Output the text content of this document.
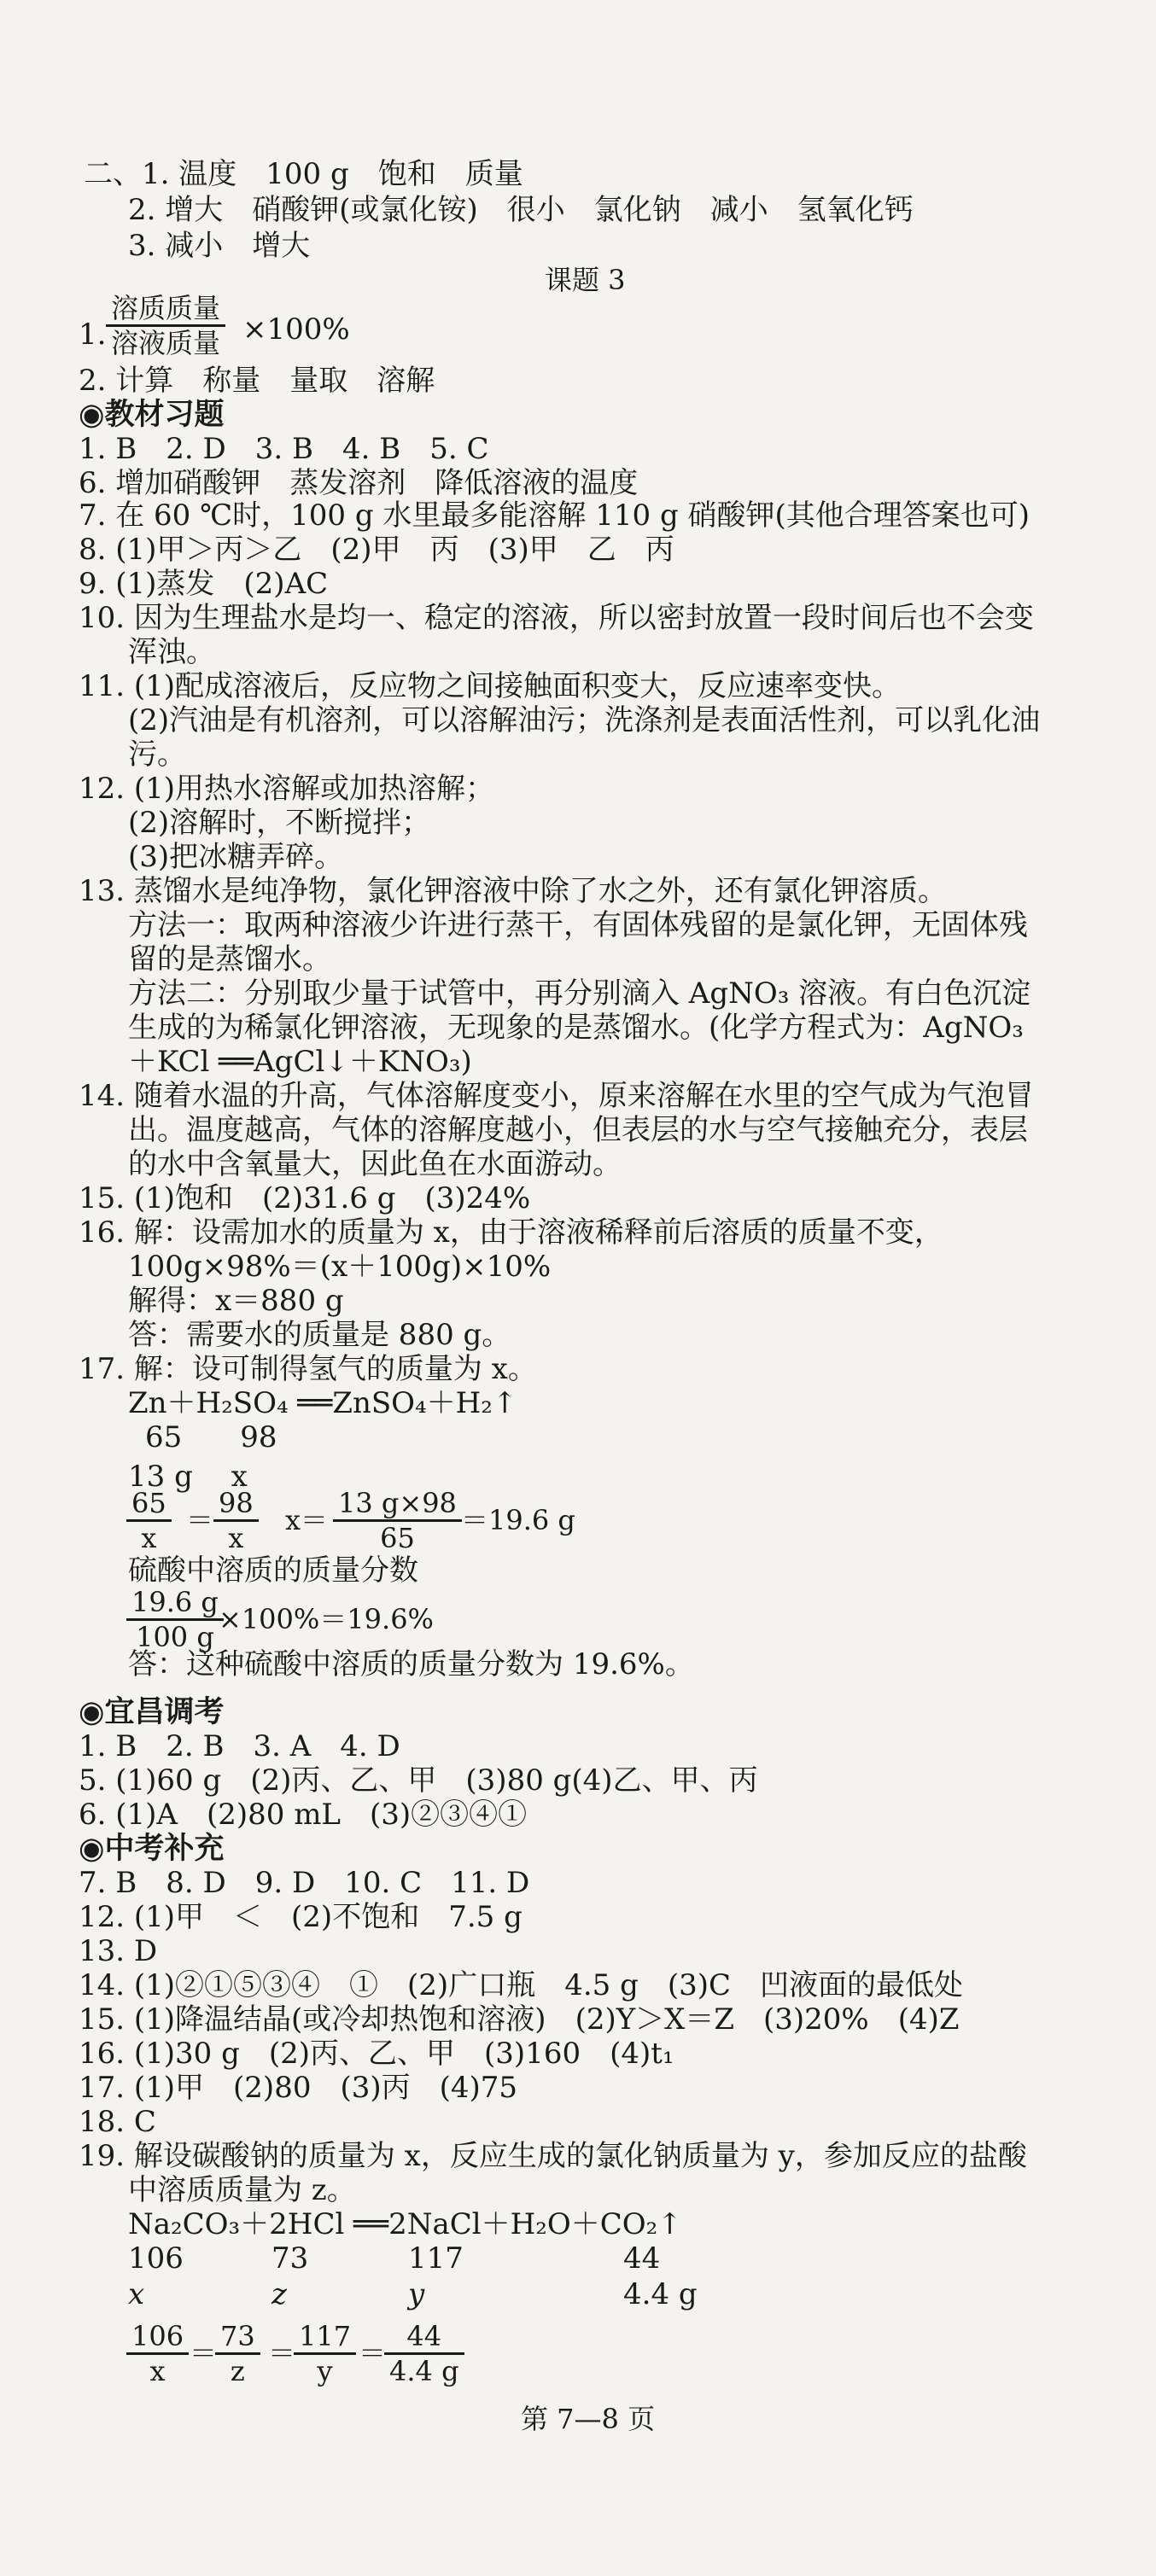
二、1. 温度　100 g　饱和　质量
2. 增大　硝酸钾(或氯化铵)　很小　氯化钠　减小　氢氧化钙
3. 减小　增大
课题 3
1.
溶质质量
溶液质量 ×100%
2. 计算　称量　量取　溶解
◉教材习题
1. B　2. D　3. B　4. B　5. C
6. 增加硝酸钾　蒸发溶剂　降低溶液的温度
7. 在 60 ℃时，100 g 水里最多能溶解 110 g 硝酸钾(其他合理答案也可)
8. (1)甲＞丙＞乙　(2)甲　丙　(3)甲　乙　丙
9. (1)蒸发　(2)AC
10. 因为生理盐水是均一、稳定的溶液，所以密封放置一段时间后也不会变
浑浊。
11. (1)配成溶液后，反应物之间接触面积变大，反应速率变快。
(2)汽油是有机溶剂，可以溶解油污；洗涤剂是表面活性剂，可以乳化油
污。
12. (1)用热水溶解或加热溶解；
(2)溶解时，不断搅拌；
(3)把冰糖弄碎。
13. 蒸馏水是纯净物，氯化钾溶液中除了水之外，还有氯化钾溶质。
方法一：取两种溶液少许进行蒸干，有固体残留的是氯化钾，无固体残
留的是蒸馏水。
方法二：分别取少量于试管中，再分别滴入 AgNO₃ 溶液。有白色沉淀
生成的为稀氯化钾溶液，无现象的是蒸馏水。(化学方程式为：AgNO₃
＋KCl ══AgCl↓＋KNO₃)
14. 随着水温的升高，气体溶解度变小，原来溶解在水里的空气成为气泡冒
出。温度越高，气体的溶解度越小，但表层的水与空气接触充分，表层
的水中含氧量大，因此鱼在水面游动。
15. (1)饱和　(2)31.6 g　(3)24%
16. 解：设需加水的质量为 x，由于溶液稀释前后溶质的质量不变，
100g×98%＝(x＋100g)×10%
解得：x＝880 g
答：需要水的质量是 880 g。
17. 解：设可制得氢气的质量为 x。
Zn＋H₂SO₄ ══ZnSO₄＋H₂↑
65　　98
13 g　 x
$\frac{65}{x} = \frac{98}{x} x= \frac{13 g\times 98}{65} =19.6$ g
硫酸中溶质的质量分数
$\frac{19.6 g}{100 g}$
×100%＝19.6%
答：这种硫酸中溶质的质量分数为 19.6%。
◉宜昌调考
1. B　2. B　3. A　4. D
5. (1)60 g　(2)丙、乙、甲　(3)80 g(4)乙、甲、丙
6. (1)A　(2)80 mL　(3)②③④①
◉中考补充
7. B　8. D　9. D　10. C　11. D
12. (1)甲　＜　(2)不饱和　7.5 g
13. D
14. (1)②①⑤③④　①　(2)广口瓶　4.5 g　(3)C　凹液面的最低处
15. (1)降温结晶(或冷却热饱和溶液)　(2)Y＞X＝Z　(3)20%　(4)Z
16. (1)30 g　(2)丙、乙、甲　(3)160　(4)t₁
17. (1)甲　(2)80　(3)丙　(4)75
18. C
19. 解设碳酸钠的质量为 x，反应生成的氯化钠质量为 y，参加反应的盐酸
中溶质质量为 z。
Na₂CO₃＋2HCl ══2NaCl＋H₂O＋CO₂↑
106	73	117	44
x	z	y	4.4 g
$\frac{106}{x}$ ＝
$\frac{73}{z}$ ＝
$\frac{117}{y}$ ＝
$\frac{44}{4.4 g}$
第 7—8 页
